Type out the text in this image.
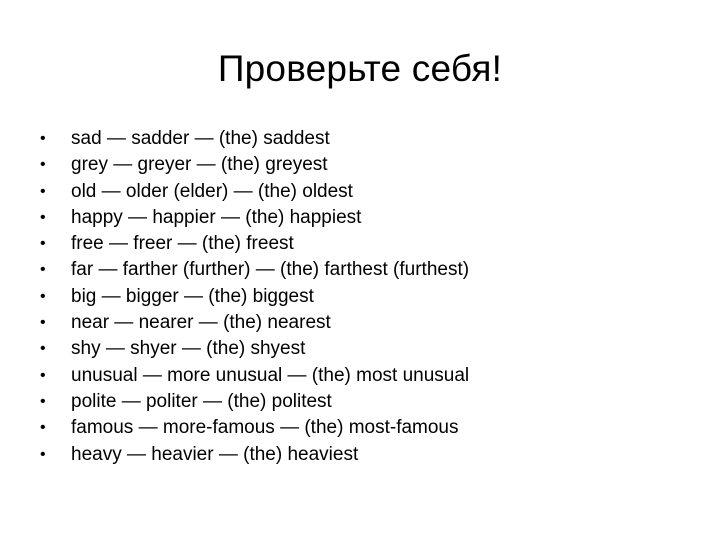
Проверьте себя!
• sad — sadder — (the) saddest
• grey — greyer — (the) greyest
• old — older (elder) — (the) oldest
• happy — happier — (the) happiest
• free — freer — (the) freest
• far — farther (further) — (the) farthest (furthest)
• big — bigger — (the) biggest
• near — nearer — (the) nearest
• shy — shyer — (the) shyest
• unusual — more unusual — (the) most unusual
• polite — politer — (the) politest
• famous — more-famous — (the) most-famous
• heavy — heavier — (the) heaviest
